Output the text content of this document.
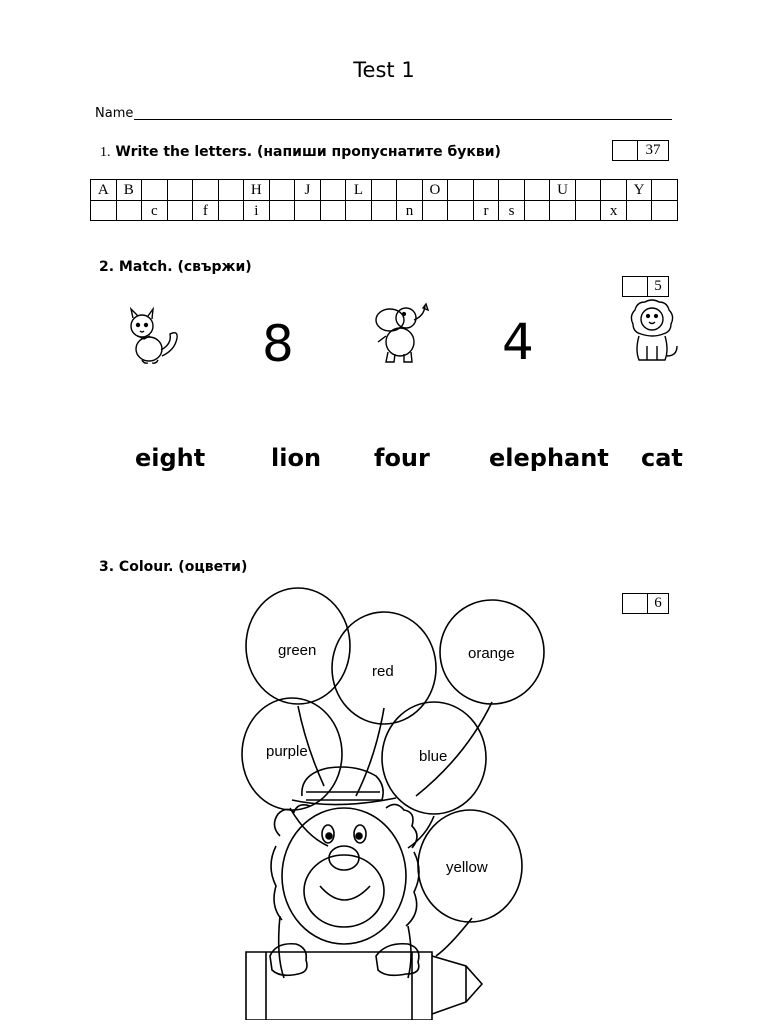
Test 1
Name
1. Write the letters. (напиши пропуснатите букви)	37
A	B					H		J		L			O					U			Y	
		c		f		i						n			r	s				x		
2. Match. (свържи)
5
8	4
eight	lion four elephant cat
3. Colour. (оцвети)
6
green
red
orange
purple	blue
yellow
